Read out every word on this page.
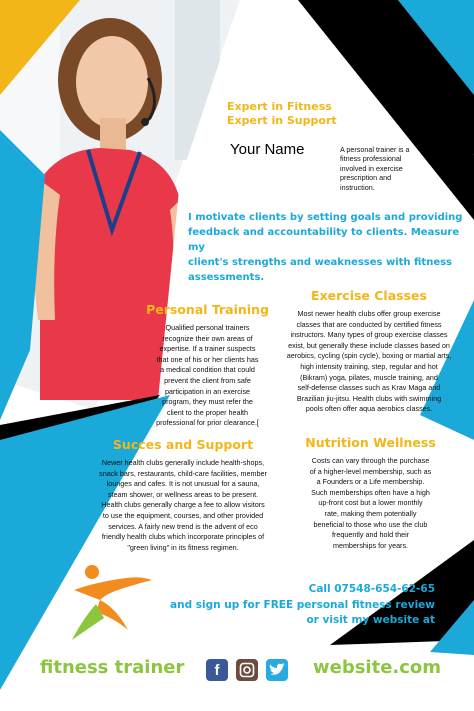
Expert in Fitness
Expert in Support
Your Name	A personal trainer is a
fitness professional
involved in exercise
prescription and
instruction.
I motivate clients by setting goals and providing
feedback and accountability to clients. Measure my
client's strengths and weaknesses with fitness
assessments.
Personal Training
Qualified personal trainers
recognize their own areas of
expertise. If a trainer suspects
that one of his or her clients has
a medical condition that could
prevent the client from safe
participation in an exercise
program, they must refer the
client to the proper health
professional for prior clearance.[
Exercise Classes
Most newer health clubs offer group exercise
classes that are conducted by certified fitness
instructors. Many types of group exercise classes
exist, but generally these include classes based on
aerobics, cycling (spin cycle), boxing or martial arts,
high intensity training, step, regular and hot
(Bikram) yoga, pilates, muscle training, and
self-defense classes such as Krav Maga and
Brazilian jiu-jitsu. Health clubs with swimming
pools often offer aqua aerobics classes.
Succes and Support
Newer health clubs generally include health-shops,
snack bars, restaurants, child-care facilities, member
lounges and cafes. It is not unusual for a sauna,
steam shower, or wellness areas to be present.
Health clubs generally charge a fee to allow visitors
to use the equipment, courses, and other provided
services. A fairly new trend is the advent of eco
friendly health clubs which incorporate principles of
"green living" in its fitness regimen.
Nutrition Wellness
Costs can vary through the purchase
of a higher-level membership, such as
a Founders or a Life membership.
Such memberships often have a high
up-front cost but a lower monthly
rate, making them potentially
beneficial to those who use the club
frequently and hold their
memberships for years.
Call 07548-654-62-65
and sign up for FREE personal fitness review
or visit my website at
fitness trainer	f	website.com
